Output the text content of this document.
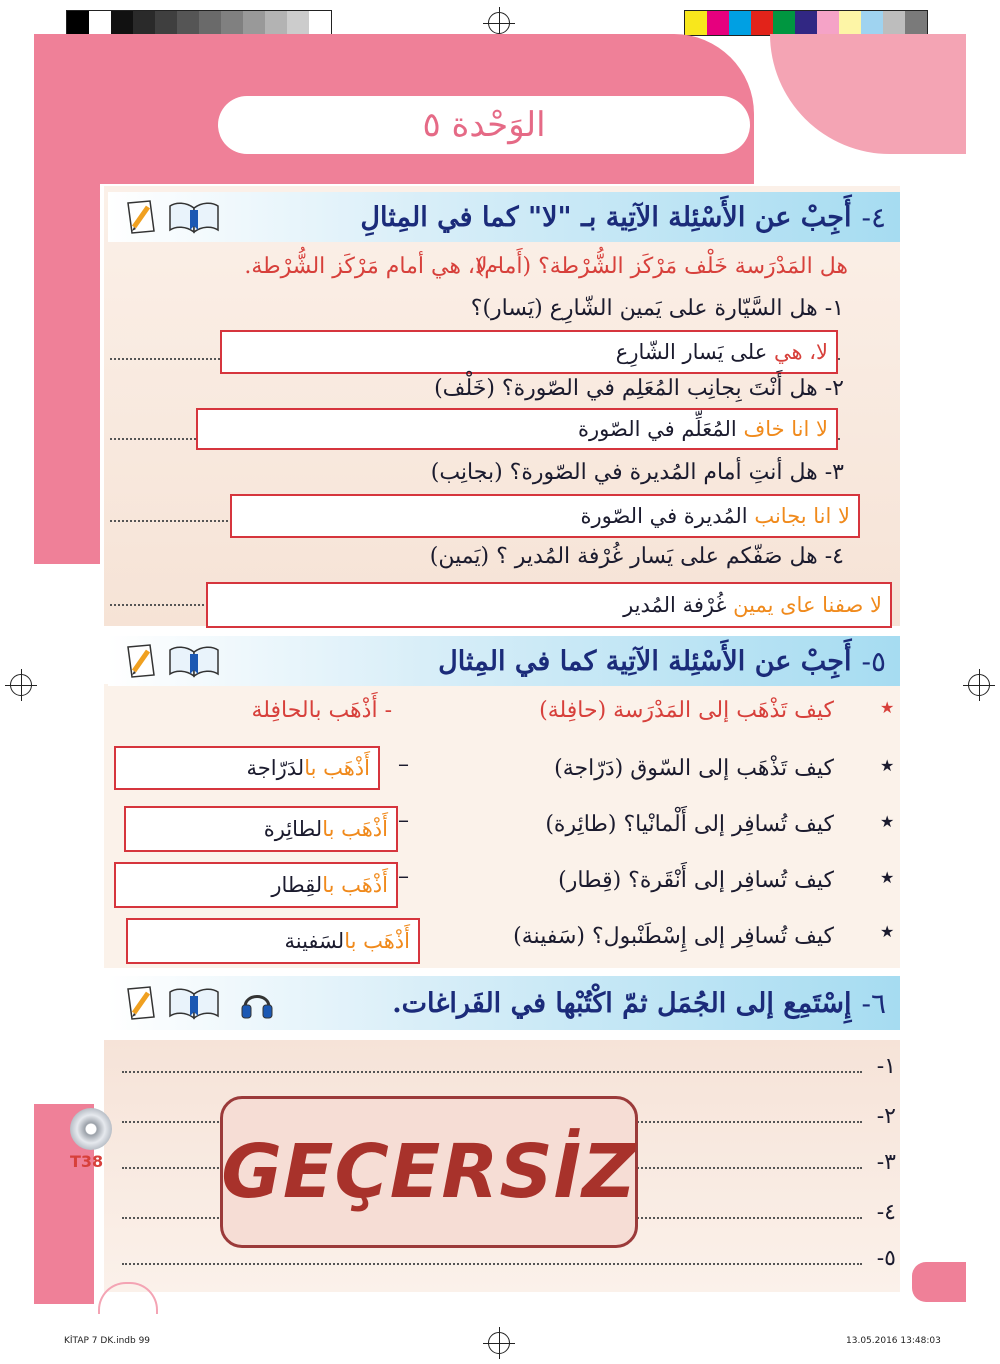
الوَحْدة ٥
٤-
أَجِبْ عن الأَسْئِلة الآتِية بـ "لا" كما في المِثالِ
هل المَدْرَسة خَلْف مَرْكَز الشُّرْطة؟ (أَمام)
- لا، هي أمام مَرْكَز الشُّرْطة.
١- هل السَّيّارة على يَمين الشّارِع (يَسار)؟
لا، هي

على يَسار الشّارِع
٢- هل أَنْتَ بِجانِب المُعَلِم في الصّورة؟ (خَلْف)
لا انا خاف

المُعَلِّم في الصّورة
٣- هل أنتِ أمام المُديرة في الصّورة؟ (بجانِب)
لا انا بجانب

المُديرة في الصّورة
٤- هل صَفّكم على يَسار غُرْفة المُدير ؟ (يَمين)
لا صفنا عاى يمين

غُرْفة المُدير
٥-
أَجِبْ عن الأَسْئِلة الآتِية كما في المِثال
★
كيف تَذْهَب إلى المَدْرَسة (حافِلة)
- أَذْهَب بالحافِلة
★
كيف تَذْهَب إلى السّوق (دَرّاجة)
–
أَذْهَب با
لدَرّاجة
★
كيف تُسافِر إلى أَلْمانْيا؟ (طائِرة)
–
أَذْهَب با
لطائِرة
★
كيف تُسافِر إلى أَنْقَرة؟ (قِطار)
–
أَذْهَب با
لقِطار
★
كيف تُسافِر إلى إِسْطَنْبول؟ (سَفينة)
أَذْهَب با
لسَفينة
٦-
إِسْتَمِع إلى الجُمَل ثمّ اكْتُبْها في الفَراغات.
١-
٢-
٣-
٤-
٥-
GEÇERSİZ
T38
KİTAP 7 DK.indb 99	13.05.2016 13:48:03
